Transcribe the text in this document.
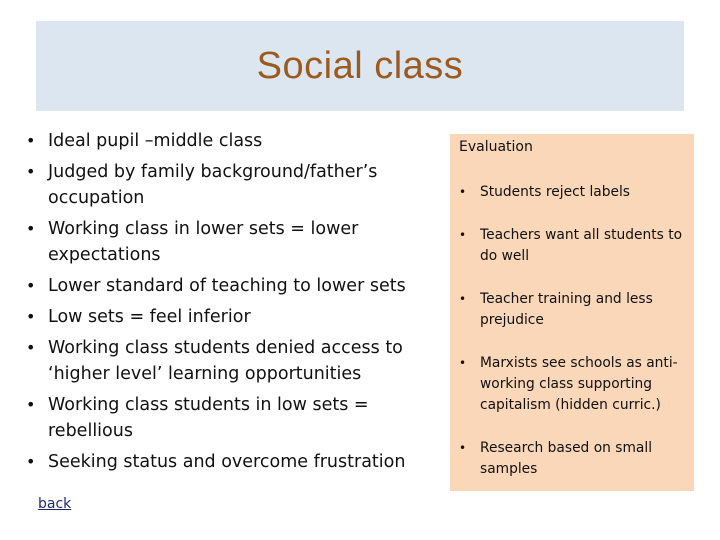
Social class
• Ideal pupil –middle class
• Judged by family background/father’s occupation
• Working class in lower sets = lower expectations
• Lower standard of teaching to lower sets
• Low sets = feel inferior
• Working class students denied access to ‘higher level’ learning opportunities
• Working class students in low sets = rebellious
• Seeking status and overcome frustration
Evaluation
• Students reject labels
• Teachers want all students to do well
• Teacher training and less prejudice
• Marxists see schools as anti-working class supporting capitalism (hidden curric.)
• Research based on small samples
back
